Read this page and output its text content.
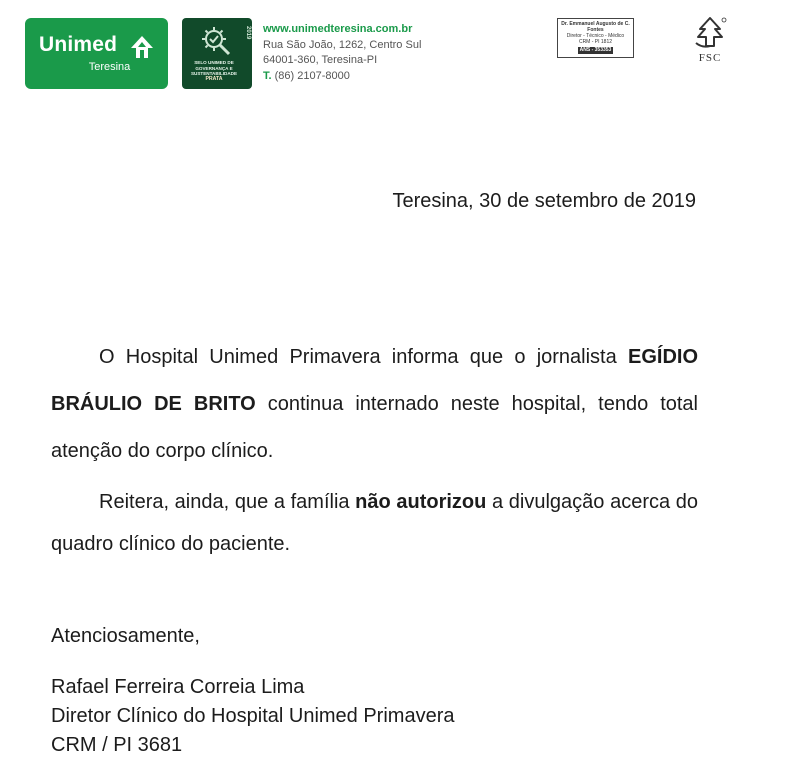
Unimed
Teresina	SELO UNIMED DE
GOVERNANÇA E
SUSTENTABILIDADE
PRATA
2019 www.unimedteresina.com.br
Rua São João, 1262, Centro Sul
64001-360, Teresina-PI
T. (86) 2107-8000
Dr. Emmanuel Augusto de C. Fontes
Diretor - Técnico - Médico
CRM - PI 1812
ANS - 353353
FSC
Teresina, 30 de setembro de 2019

O Hospital Unimed Primavera informa que o jornalista EGÍDIO BRÁULIO DE BRITO continua internado neste hospital, tendo total atenção do corpo clínico.

Reitera, ainda, que a família não autorizou a divulgação acerca do quadro clínico do paciente.

Atenciosamente,
Rafael Ferreira Correia Lima
Diretor Clínico do Hospital Unimed Primavera
CRM / PI 3681
